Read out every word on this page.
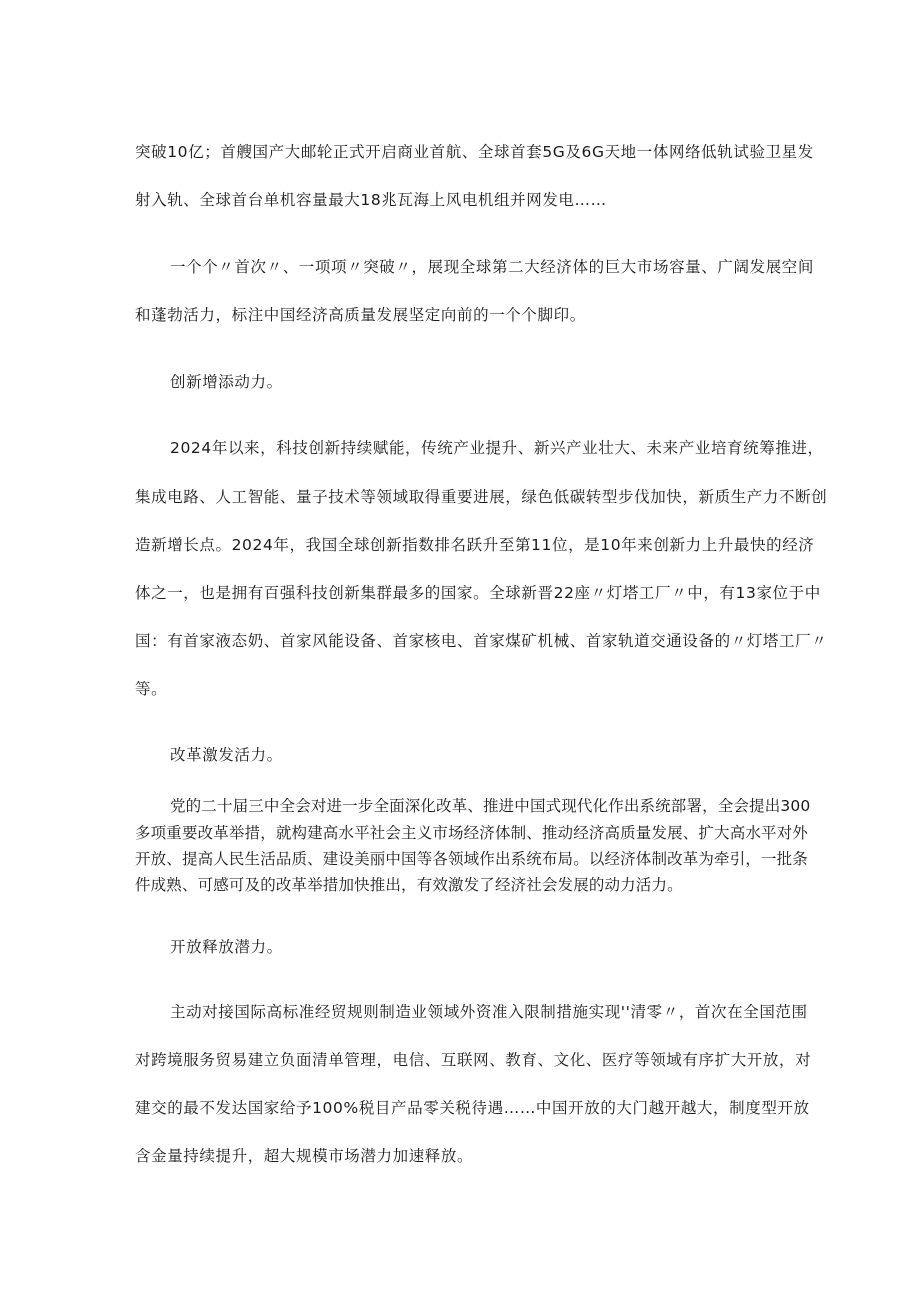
突破10亿；首艘国产大邮轮正式开启商业首航、全球首套5G及6G天地一体网络低轨试验卫星发

射入轨、全球首台单机容量最大18兆瓦海上风电机组并网发电……

一个个〃首次〃、一项项〃突破〃，展现全球第二大经济体的巨大市场容量、广阔发展空间

和蓬勃活力，标注中国经济高质量发展坚定向前的一个个脚印。

创新增添动力。

2024年以来，科技创新持续赋能，传统产业提升、新兴产业壮大、未来产业培育统筹推进，

集成电路、人工智能、量子技术等领域取得重要进展，绿色低碳转型步伐加快，新质生产力不断创

造新增长点。2024年，我国全球创新指数排名跃升至第11位，是10年来创新力上升最快的经济

体之一，也是拥有百强科技创新集群最多的国家。全球新晋22座〃灯塔工厂〃中，有13家位于中

国：有首家液态奶、首家风能设备、首家核电、首家煤矿机械、首家轨道交通设备的〃灯塔工厂〃

等。

改革激发活力。

党的二十届三中全会对进一步全面深化改革、推进中国式现代化作出系统部署，全会提出300

多项重要改革举措，就构建高水平社会主义市场经济体制、推动经济高质量发展、扩大高水平对外

开放、提高人民生活品质、建设美丽中国等各领域作出系统布局。以经济体制改革为牵引，一批条

件成熟、可感可及的改革举措加快推出，有效激发了经济社会发展的动力活力。

开放释放潜力。

主动对接国际高标准经贸规则制造业领域外资准入限制措施实现''清零〃，首次在全国范围

对跨境服务贸易建立负面清单管理，电信、互联网、教育、文化、医疗等领域有序扩大开放，对

建交的最不发达国家给予100%税目产品零关税待遇……中国开放的大门越开越大，制度型开放

含金量持续提升，超大规模市场潜力加速释放。
